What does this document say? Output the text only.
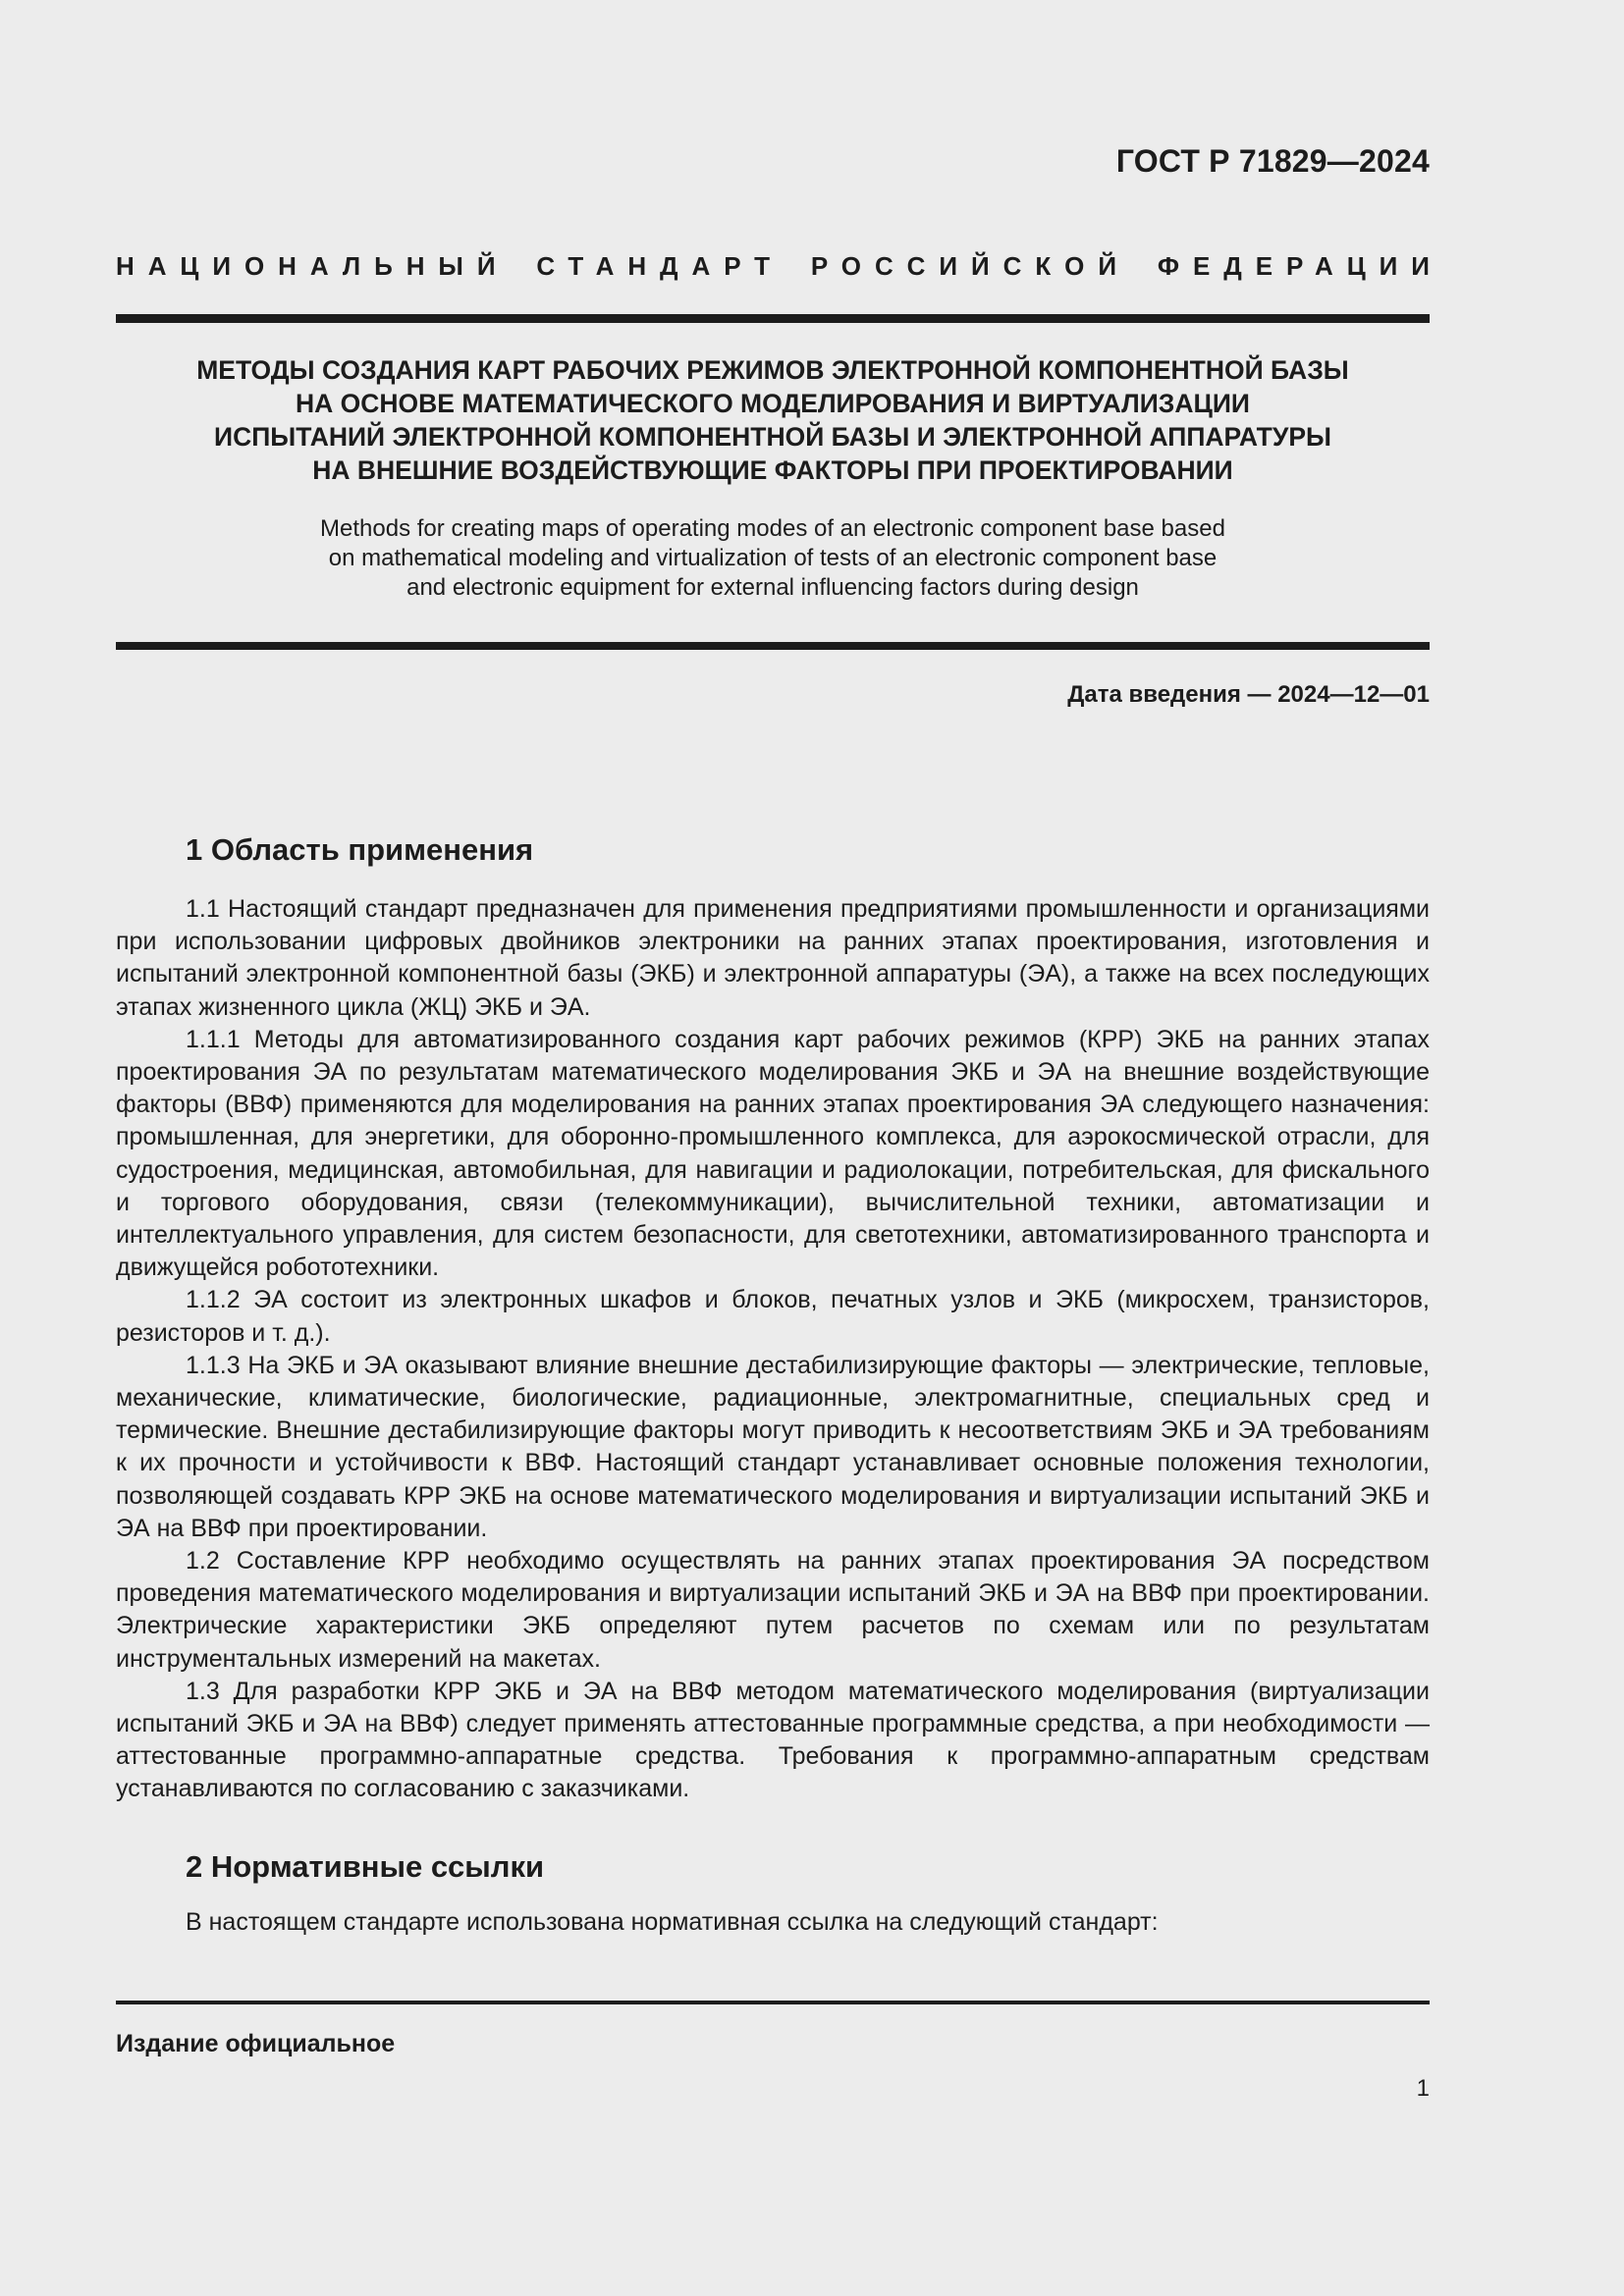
ГОСТ Р 71829—2024
НАЦИОНАЛЬНЫЙ СТАНДАРТ РОССИЙСКОЙ ФЕДЕРАЦИИ
МЕТОДЫ СОЗДАНИЯ КАРТ РАБОЧИХ РЕЖИМОВ ЭЛЕКТРОННОЙ КОМПОНЕНТНОЙ БАЗЫ
НА ОСНОВЕ МАТЕМАТИЧЕСКОГО МОДЕЛИРОВАНИЯ И ВИРТУАЛИЗАЦИИ
ИСПЫТАНИЙ ЭЛЕКТРОННОЙ КОМПОНЕНТНОЙ БАЗЫ И ЭЛЕКТРОННОЙ АППАРАТУРЫ
НА ВНЕШНИЕ ВОЗДЕЙСТВУЮЩИЕ ФАКТОРЫ ПРИ ПРОЕКТИРОВАНИИ
Methods for creating maps of operating modes of an electronic component base based
on mathematical modeling and virtualization of tests of an electronic component base
and electronic equipment for external influencing factors during design
Дата введения — 2024—12—01
1 Область применения

1.1 Настоящий стандарт предназначен для применения предприятиями промышленности и организациями при использовании цифровых двойников электроники на ранних этапах проектирования, изготовления и испытаний электронной компонентной базы (ЭКБ) и электронной аппаратуры (ЭА), а также на всех последующих этапах жизненного цикла (ЖЦ) ЭКБ и ЭА.

1.1.1 Методы для автоматизированного создания карт рабочих режимов (КРР) ЭКБ на ранних этапах проектирования ЭА по результатам математического моделирования ЭКБ и ЭА на внешние воздействующие факторы (ВВФ) применяются для моделирования на ранних этапах проектирования ЭА следующего назначения: промышленная, для энергетики, для оборонно-промышленного комплекса, для аэрокосмической отрасли, для судостроения, медицинская, автомобильная, для навигации и радиолокации, потребительская, для фискального и торгового оборудования, связи (телекоммуникации), вычислительной техники, автоматизации и интеллектуального управления, для систем безопасности, для светотехники, автоматизированного транспорта и движущейся робототехники.

1.1.2 ЭА состоит из электронных шкафов и блоков, печатных узлов и ЭКБ (микросхем, транзисторов, резисторов и т. д.).

1.1.3 На ЭКБ и ЭА оказывают влияние внешние дестабилизирующие факторы — электрические, тепловые, механические, климатические, биологические, радиационные, электромагнитные, специальных сред и термические. Внешние дестабилизирующие факторы могут приводить к несоответствиям ЭКБ и ЭА требованиям к их прочности и устойчивости к ВВФ. Настоящий стандарт устанавливает основные положения технологии, позволяющей создавать КРР ЭКБ на основе математического моделирования и виртуализации испытаний ЭКБ и ЭА на ВВФ при проектировании.

1.2 Составление КРР необходимо осуществлять на ранних этапах проектирования ЭА посредством проведения математического моделирования и виртуализации испытаний ЭКБ и ЭА на ВВФ при проектировании. Электрические характеристики ЭКБ определяют путем расчетов по схемам или по результатам инструментальных измерений на макетах.

1.3 Для разработки КРР ЭКБ и ЭА на ВВФ методом математического моделирования (виртуализации испытаний ЭКБ и ЭА на ВВФ) следует применять аттестованные программные средства, а при необходимости — аттестованные программно-аппаратные средства. Требования к программно-аппаратным средствам устанавливаются по согласованию с заказчиками.

2 Нормативные ссылки
В настоящем стандарте использована нормативная ссылка на следующий стандарт:
Издание официальное
1
